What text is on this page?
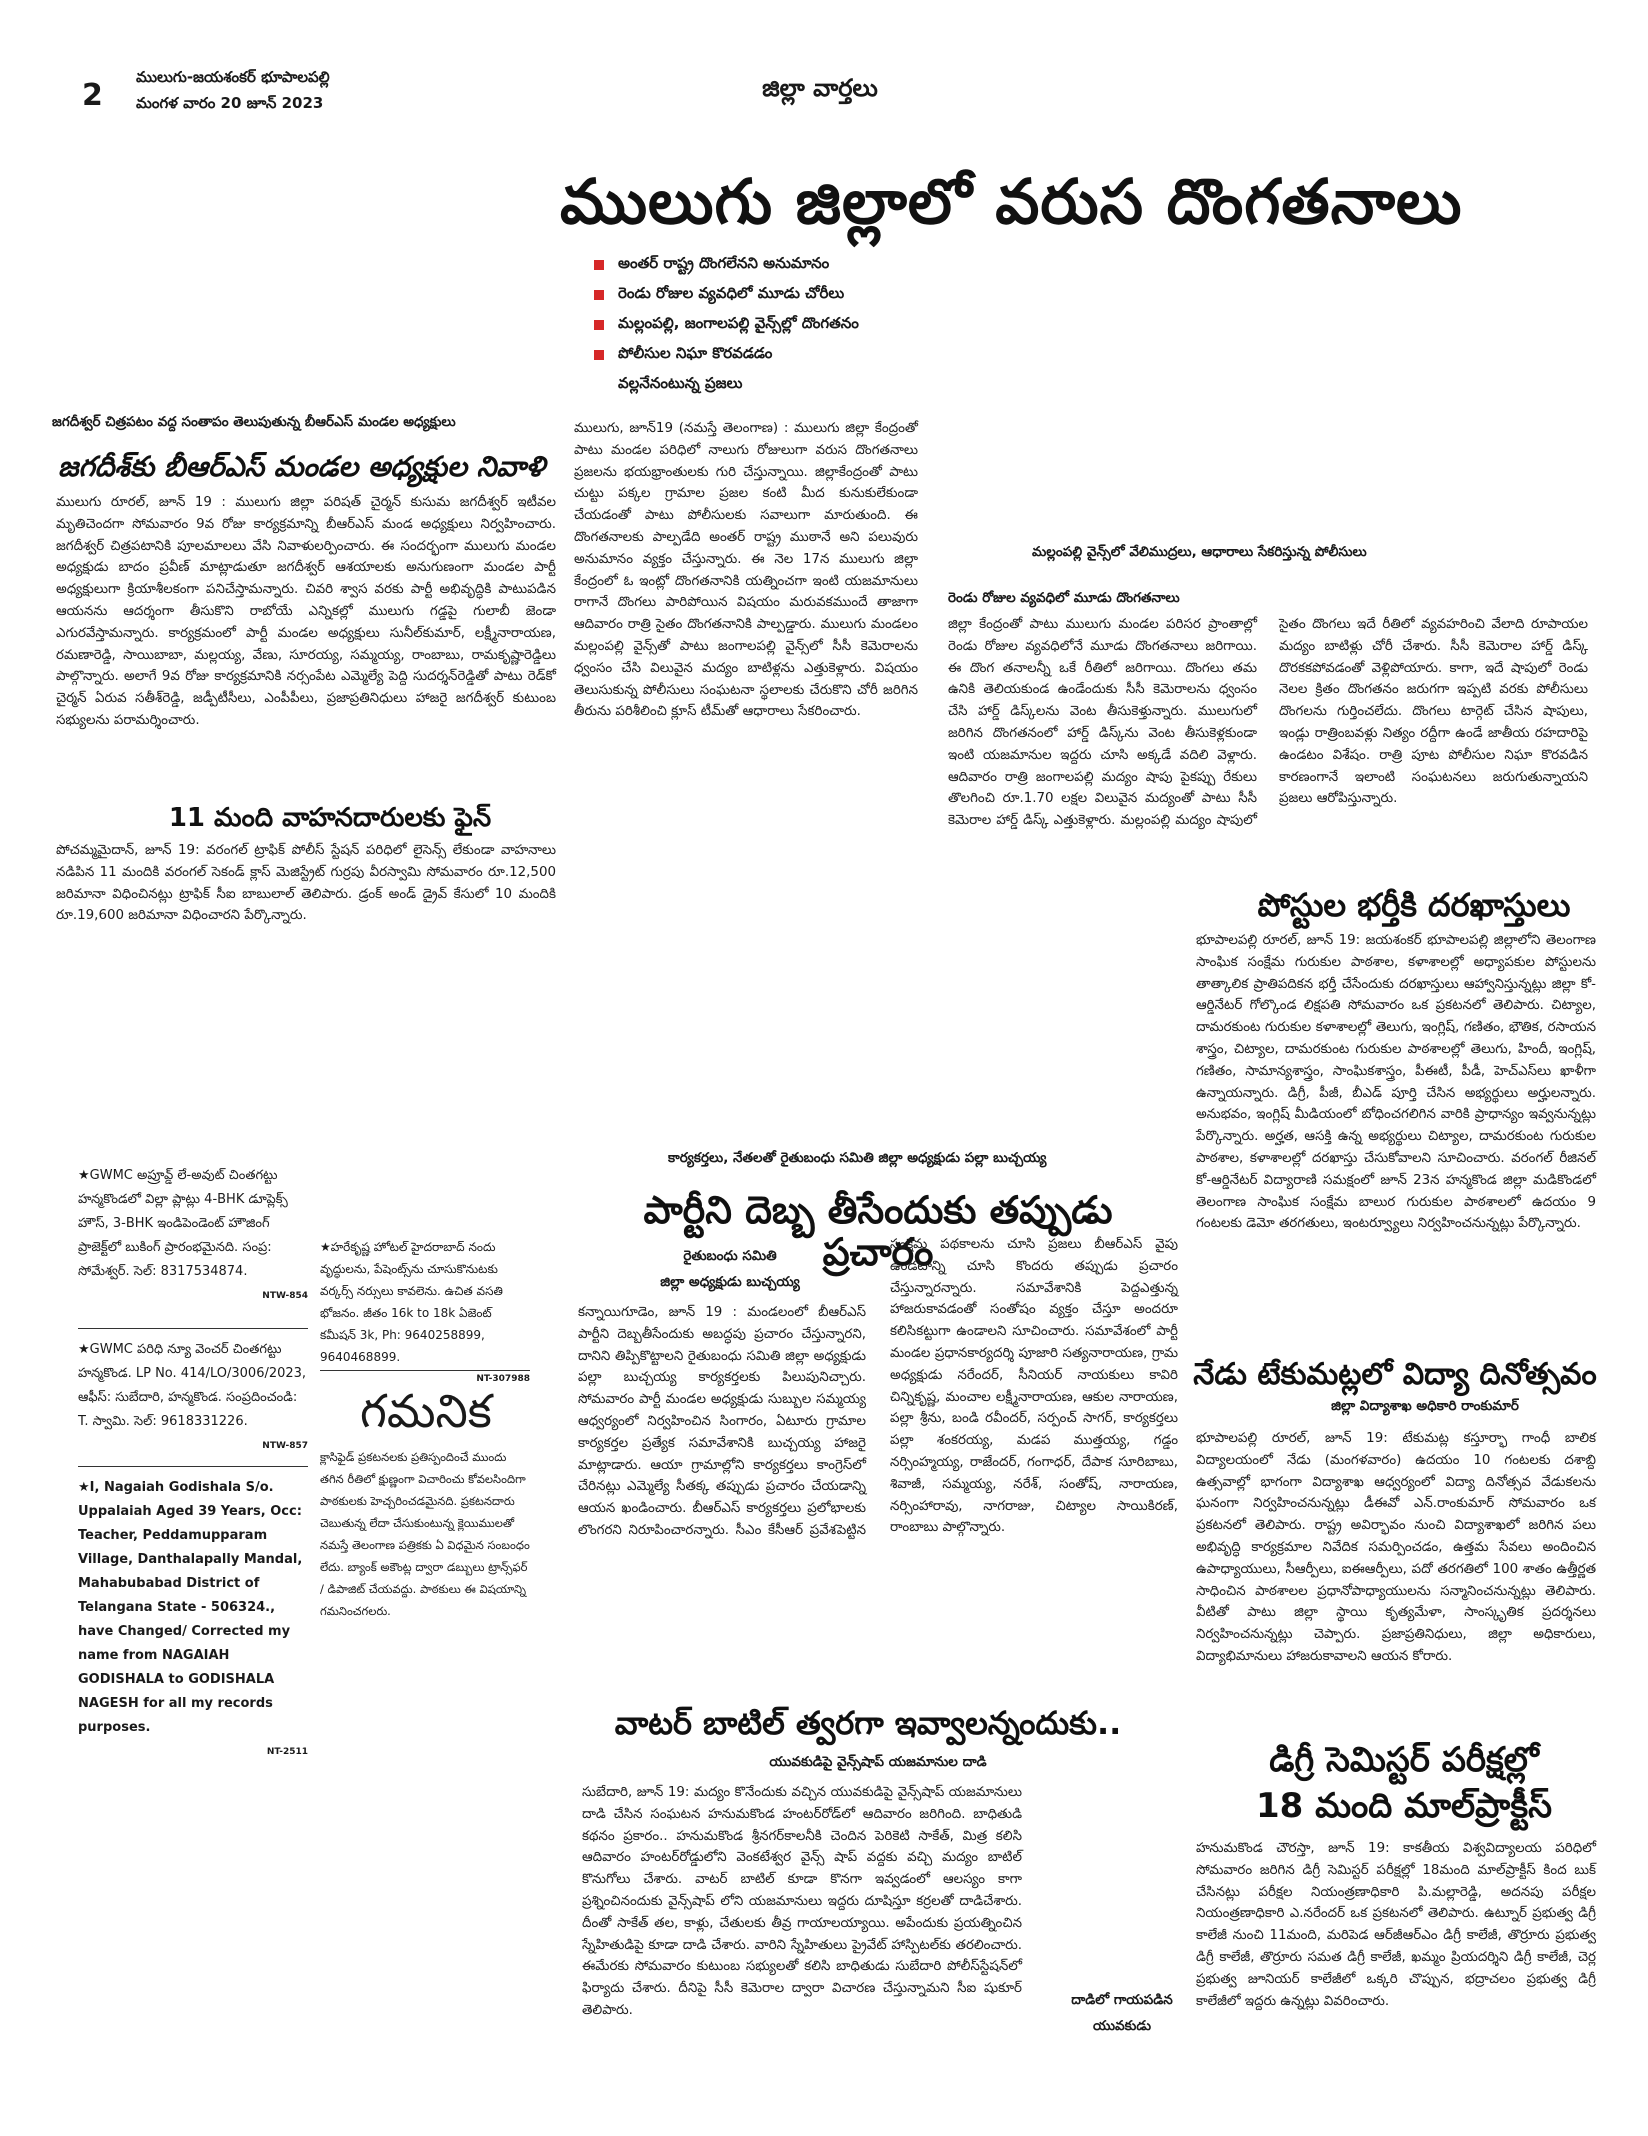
2
ములుగు-జయశంకర్ భూపాలపల్లి
మంగళ వారం 20 జూన్ 2023
జిల్లా వార్తలు
ములుగు జిల్లాలో వరుస దొంగతనాలు
అంతర్ రాష్ట్ర దొంగలేనని అనుమానం
రెండు రోజుల వ్యవధిలో మూడు చోరీలు
మల్లంపల్లి, జంగాలపల్లి వైన్స్‌ల్లో దొంగతనం
పోలీసుల నిఘా కొరవడడం
వల్లనేనంటున్న ప్రజలు
ములుగు, జూన్19 (నమస్తే తెలంగాణ) : ములుగు జిల్లా కేంద్రంతో పాటు మండల పరిధిలో నాలుగు రోజులుగా వరుస దొంగతనాలు ప్రజలను భయభ్రాంతులకు గురి చేస్తున్నాయి. జిల్లాకేంద్రంతో పాటు చుట్టు పక్కల గ్రామాల ప్రజల కంటి మీద కునుకులేకుండా చేయడంతో పాటు పోలీసులకు సవాలుగా మారుతుంది. ఈ దొంగతనాలకు పాల్పడేది అంతర్ రాష్ట్ర ముఠానే అని పలువురు అనుమానం వ్యక్తం చేస్తున్నారు. ఈ నెల 17న ములుగు జిల్లా కేంద్రంలో ఓ ఇంట్లో దొంగతనానికి యత్నించగా ఇంటి యజమానులు రాగానే దొంగలు పారిపోయిన విషయం మరువకముందే తాజాగా ఆదివారం రాత్రి సైతం దొంగతనానికి పాల్పడ్డారు. ములుగు మండలం మల్లంపల్లి వైన్స్‌తో పాటు జంగాలపల్లి వైన్స్‌లో సీసీ కెమెరాలను ధ్వంసం చేసి విలువైన మద్యం బాటిళ్లను ఎత్తుకెళ్లారు. విషయం తెలుసుకున్న పోలీసులు సంఘటనా స్థలాలకు చేరుకొని చోరీ జరిగిన తీరును పరిశీలించి క్లూస్ టీమ్‌తో ఆధారాలు సేకరించారు.
మల్లంపల్లి వైన్స్‌లో వేలిముద్రలు, ఆధారాలు సేకరిస్తున్న పోలీసులు
రెండు రోజుల వ్యవధిలో మూడు దొంగతనాలు
జిల్లా కేంద్రంతో పాటు ములుగు మండల పరిసర ప్రాంతాల్లో రెండు రోజుల వ్యవధిలోనే మూడు దొంగతనాలు జరిగాయి. ఈ దొంగ తనాలన్నీ ఒకే రీతిలో జరిగాయి. దొంగలు తమ ఉనికి తెలియకుండ ఉండేందుకు సీసీ కెమెరాలను ధ్వంసం చేసి హార్డ్ డిస్క్‌లను వెంట తీసుకెళ్తున్నారు. ములుగులో జరిగిన దొంగతనంలో హార్డ్ డిస్క్‌ను వెంట తీసుకెళ్లకుండా ఇంటి యజమానుల ఇద్దరు చూసి అక్కడే వదిలి వెళ్లారు. ఆదివారం రాత్రి జంగాలపల్లి మద్యం షాపు పైకప్పు రేకులు తొలగించి రూ.1.70 లక్షల విలువైన మద్యంతో పాటు సీసీ కెమెరాల హార్డ్ డిస్క్ ఎత్తుకెళ్లారు. మల్లంపల్లి మద్యం షాపులో సైతం దొంగలు ఇదే రీతిలో వ్యవహరించి వేలాది రూపాయల మద్యం బాటిళ్లు చోరీ చేశారు. సీసీ కెమెరాల హార్డ్ డిస్క్ దొరకకపోవడంతో వెళ్లిపోయారు. కాగా, ఇదే షాపులో రెండు నెలల క్రితం దొంగతనం జరుగగా ఇప్పటి వరకు పోలీసులు దొంగలను గుర్తించలేదు. దొంగలు టార్గెట్ చేసిన షాపులు, ఇండ్లు రాత్రింబవళ్లు నిత్యం రద్దీగా ఉండే జాతీయ రహదారిపై ఉండటం విశేషం. రాత్రి పూట పోలీసుల నిఘా కొరవడిన కారణంగానే ఇలాంటి సంఘటనలు జరుగుతున్నాయని ప్రజలు ఆరోపిస్తున్నారు.
జగదీశ్వర్ చిత్రపటం వద్ద సంతాపం తెలుపుతున్న బీఆర్ఎస్ మండల అధ్యక్షులు
జగదీశ్‌కు బీఆర్ఎస్ మండల అధ్యక్షుల నివాళి
ములుగు రూరల్, జూన్ 19 : ములుగు జిల్లా పరిషత్ చైర్మన్ కుసుమ జగదీశ్వర్ ఇటీవల మృతిచెందగా సోమవారం 9వ రోజు కార్యక్రమాన్ని బీఆర్ఎస్ మండ అధ్యక్షులు నిర్వహించారు. జగదీశ్వర్ చిత్రపటానికి పూలమాలలు వేసి నివాళులర్పించారు. ఈ సందర్భంగా ములుగు మండల అధ్యక్షుడు బాదం ప్రవీణ్ మాట్లాడుతూ జగదీశ్వర్ ఆశయాలకు అనుగుణంగా మండల పార్టీ అధ్యక్షులుగా క్రియాశీలకంగా పనిచేస్తామన్నారు. చివరి శ్వాస వరకు పార్టీ అభివృద్ధికి పాటుపడిన ఆయనను ఆదర్శంగా తీసుకొని రాబోయే ఎన్నికల్లో ములుగు గడ్డపై గులాబీ జెండా ఎగురవేస్తామన్నారు. కార్యక్రమంలో పార్టీ మండల అధ్యక్షులు సునీల్‌కుమార్, లక్ష్మీనారాయణ, రమణారెడ్డి, సాయిబాబా, మల్లయ్య, వేణు, సూరయ్య, సమ్మయ్య, రాంబాబు, రామకృష్ణారెడ్డిలు పాల్గొన్నారు. అలాగే 9వ రోజు కార్యక్రమానికి నర్సంపేట ఎమ్మెల్యే పెద్ది సుదర్శన్‌రెడ్డితో పాటు రెడ్‌కో చైర్మన్ ఏరువ సతీశ్‌రెడ్డి, జడ్పీటీసీలు, ఎంపీపీలు, ప్రజాప్రతినిధులు హాజరై జగదీశ్వర్ కుటుంబ సభ్యులను పరామర్శించారు.
11 మంది వాహనదారులకు ఫైన్
పోచమ్మమైదాన్, జూన్ 19: వరంగల్ ట్రాఫిక్ పోలీస్ స్టేషన్ పరిధిలో లైసెన్స్ లేకుండా వాహనాలు నడిపిన 11 మందికి వరంగల్ సెకండ్ క్లాస్ మెజిస్ట్రేట్ గుర్రపు వీరస్వామి సోమవారం రూ.12,500 జరిమానా విధించినట్లు ట్రాఫిక్ సీఐ బాబులాల్ తెలిపారు. డ్రంక్ అండ్ డ్రైవ్ కేసులో 10 మందికి రూ.19,600 జరిమానా విధించారని పేర్కొన్నారు.	పోస్టుల భర్తీకి దరఖాస్తులు
భూపాలపల్లి రూరల్, జూన్ 19: జయశంకర్ భూపాలపల్లి జిల్లాలోని తెలంగాణ సాంఘిక సంక్షేమ గురుకుల పాఠశాల, కళాశాలల్లో అధ్యాపకుల పోస్టులను తాత్కాలిక ప్రాతిపదికన భర్తీ చేసేందుకు దరఖాస్తులు ఆహ్వానిస్తున్నట్లు జిల్లా కో-ఆర్డినేటర్ గోల్కొండ లిక్షపతి సోమవారం ఒక ప్రకటనలో తెలిపారు. చిట్యాల, దామరకుంట గురుకుల కళాశాలల్లో తెలుగు, ఇంగ్లిష్, గణితం, భౌతిక, రసాయన శాస్త్రం, చిట్యాల, దామరకుంట గురుకుల పాఠశాలల్లో తెలుగు, హిందీ, ఇంగ్లిష్, గణితం, సామాన్యశాస్త్రం, సాంఘికశాస్త్రం, పీఈటీ, పీడీ, హెచ్ఎస్‌లు ఖాళీగా ఉన్నాయన్నారు. డిగ్రీ, పీజీ, బీఎడ్ పూర్తి చేసిన అభ్యర్థులు అర్హులన్నారు. అనుభవం, ఇంగ్లిష్ మీడియంలో బోధించగలిగిన వారికి ప్రాధాన్యం ఇవ్వనున్నట్లు పేర్కొన్నారు. అర్హత, ఆసక్తి ఉన్న అభ్యర్థులు చిట్యాల, దామరకుంట గురుకుల పాఠశాల, కళాశాలల్లో దరఖాస్తు చేసుకోవాలని సూచించారు. వరంగల్ రీజినల్ కో-ఆర్డినేటర్ విద్యారాణి సమక్షంలో జూన్ 23న హన్మకొండ జిల్లా మడికొండలో తెలంగాణ సాంఘిక సంక్షేమ బాలుర గురుకుల పాఠశాలలో ఉదయం 9 గంటలకు డెమో తరగతులు, ఇంటర్వ్యూలు నిర్వహించనున్నట్లు పేర్కొన్నారు.
నేడు టేకుమట్లలో విద్యా దినోత్సవం
జిల్లా విద్యాశాఖ అధికారి రాంకుమార్
భూపాలపల్లి రూరల్, జూన్ 19: టేకుమట్ల కస్తూర్భా గాంధీ బాలిక విద్యాలయంలో నేడు (మంగళవారం) ఉదయం 10 గంటలకు దశాబ్ది ఉత్సవాల్లో భాగంగా విద్యాశాఖ ఆధ్వర్యంలో విద్యా దినోత్సవ వేడుకలను ఘనంగా నిర్వహించనున్నట్లు డీఈవో ఎన్.రాంకుమార్ సోమవారం ఒక ప్రకటనలో తెలిపారు. రాష్ట్ర అవిర్భావం నుంచి విద్యాశాఖలో జరిగిన పలు అభివృద్ధి కార్యక్రమాల నివేదిక సమర్పించడం, ఉత్తమ సేవలు అందించిన ఉపాధ్యాయులు, సీఆర్పీలు, ఐఈఆర్పీలు, పదో తరగతిలో 100 శాతం ఉత్తీర్ణత సాధించిన పాఠశాలల ప్రధానోపాధ్యాయులను సన్మానించనున్నట్లు తెలిపారు. వీటితో పాటు జిల్లా స్థాయి కృత్యమేళా, సాంస్కృతిక ప్రదర్శనలు నిర్వహించనున్నట్లు చెప్పారు. ప్రజాప్రతినిధులు, జిల్లా అధికారులు, విద్యాభిమానులు హాజరుకావాలని ఆయన కోరారు.
డిగ్రీ సెమిస్టర్ పరీక్షల్లో
18 మంది మాల్‌ప్రాక్టీస్
హనుమకొండ చౌరస్తా, జూన్ 19: కాకతీయ విశ్వవిద్యాలయ పరిధిలో సోమవారం జరిగిన డిగ్రీ సెమిస్టర్ పరీక్షల్లో 18మంది మాల్‌ప్రాక్టీస్ కింద బుక్ చేసినట్లు పరీక్షల నియంత్రణాధికారి పి.మల్లారెడ్డి, అదనపు పరీక్షల నియంత్రణాధికారి ఎ.నరేందర్ ఒక ప్రకటనలో తెలిపారు. ఉట్నూర్ ప్రభుత్వ డిగ్రీ కాలేజీ నుంచి 11మంది, మరిపెడ ఆర్‌జీఆర్ఎం డిగ్రీ కాలేజీ, తొర్రూరు ప్రభుత్వ డిగ్రీ కాలేజీ, తొర్రూరు సమత డిగ్రీ కాలేజీ, ఖమ్మం ప్రియదర్శిని డిగ్రీ కాలేజీ, చెర్ల ప్రభుత్వ జూనియర్ కాలేజీలో ఒక్కరి చొప్పున, భద్రాచలం ప్రభుత్వ డిగ్రీ కాలేజీలో ఇద్దరు ఉన్నట్లు వివరించారు.
కార్యకర్తలు, నేతలతో రైతుబంధు సమితి జిల్లా అధ్యక్షుడు పల్లా బుచ్చయ్య
పార్టీని దెబ్బ తీసేందుకు తప్పుడు ప్రచారం
రైతుబంధు సమితి
జిల్లా అధ్యక్షుడు బుచ్చయ్య
కన్నాయిగూడెం, జూన్ 19 : మండలంలో బీఆర్ఎస్ పార్టీని దెబ్బతీసేందుకు అబద్ధపు ప్రచారం చేస్తున్నారని, దానిని తిప్పికొట్టాలని రైతుబంధు సమితి జిల్లా అధ్యక్షుడు పల్లా బుచ్చయ్య కార్యకర్తలకు పిలుపునిచ్చారు. సోమవారం పార్టీ మండల అధ్యక్షుడు సుబ్బుల సమ్మయ్య ఆధ్వర్యంలో నిర్వహించిన సింగారం, ఏటూరు గ్రామాల కార్యకర్తల ప్రత్యేక సమావేశానికి బుచ్చయ్య హాజరై మాట్లాడారు. ఆయా గ్రామాల్లోని కార్యకర్తలు కాంగ్రెస్‌లో చేరినట్లు ఎమ్మెల్యే సీతక్క తప్పుడు ప్రచారం చేయడాన్ని ఆయన ఖండించారు. బీఆర్ఎస్ కార్యకర్తలు ప్రలోభాలకు లొంగరని నిరూపించారన్నారు. సీఎం కేసీఆర్ ప్రవేశపెట్టిన సంక్షేమ పథకాలను చూసి ప్రజలు బీఆర్ఎస్ వైపు ఉండటాన్ని చూసి కొందరు తప్పుడు ప్రచారం చేస్తున్నారన్నారు. సమావేశానికి పెద్దఎత్తున్న హాజరుకావడంతో సంతోషం వ్యక్తం చేస్తూ అందరూ కలిసికట్టుగా ఉండాలని సూచించారు. సమావేశంలో పార్టీ మండల ప్రధానకార్యదర్శి పూజారి సత్యనారాయణ, గ్రామ అధ్యక్షుడు నరేందర్, సీనియర్ నాయకులు కావిరి చిన్నికృష్ణ, మంచాల లక్ష్మీనారాయణ, ఆకుల నారాయణ, పల్లా శ్రీను, బండి రవీందర్, సర్పంచ్ సాగర్, కార్యకర్తలు పల్లా శంకరయ్య, మడప ముత్తయ్య, గడ్డం నర్సింహ్మయ్య, రాజేందర్, గంగాధర్, దేపాక సూరిబాబు, శివాజీ, సమ్మయ్య, నరేశ్, సంతోష్, నారాయణ, నర్సింహారావు, నాగరాజు, చిట్యాల సాయికిరణ్, రాంబాబు పాల్గొన్నారు.
వాటర్ బాటిల్ త్వరగా ఇవ్వాలన్నందుకు..
యువకుడిపై వైన్స్‌షాప్ యజమానుల దాడి
సుబేదారి, జూన్ 19: మద్యం కొనేందుకు వచ్చిన యువకుడిపై వైన్స్‌షాప్ యజమానులు దాడి చేసిన సంఘటన హనుమకొండ హంటర్‌రోడ్‌లో ఆదివారం జరిగింది. బాధితుడి కథనం ప్రకారం.. హనుమకొండ శ్రీనగర్‌కాలనీకి చెందిన పెరికెటి సాకేత్, మిత్ర కలిసి ఆదివారం హంటర్‌రోడ్డులోని వెంకటేశ్వర వైన్స్ షాప్ వద్దకు వచ్చి మద్యం బాటిల్ కొనుగోలు చేశారు. వాటర్ బాటిల్ కూడా కొనగా ఇవ్వడంలో ఆలస్యం కాగా ప్రశ్నించినందుకు వైన్స్‌షాప్ లోని యజమానులు ఇద్దరు దూషిస్తూ కర్రలతో దాడిచేశారు. దీంతో సాకేత్ తల, కాళ్లు, చేతులకు తీవ్ర గాయాలయ్యాయి. అపేందుకు ప్రయత్నించిన స్నేహితుడిపై కూడా దాడి చేశారు. వారిని స్నేహితులు ప్రైవేట్ హాస్పిటల్‌కు తరలించారు. ఈమేరకు సోమవారం కుటుంబ సభ్యులతో కలిసి బాధితుడు సుబేదారి పోలీస్‌స్టేషన్‌లో ఫిర్యాదు చేశారు. దీనిపై సీసీ కెమెరాల ద్వారా విచారణ చేస్తున్నామని సీఐ షుకూర్ తెలిపారు.
దాడిలో గాయపడిన
యువకుడు
★GWMC అప్రూవ్డ్ లే-అవుట్ చింతగట్టు హన్మకొండలో విల్లా ప్లాట్లు 4-BHK డూప్లెక్స్ హౌస్, 3-BHK ఇండిపెండెంట్ హౌజింగ్ ప్రాజెక్ట్‌లో బుకింగ్ ప్రారంభమైనది. సంప్ర: సోమేశ్వర్. సెల్: 8317534874.
NTW-854
★GWMC పరిధి న్యూ వెంచర్ చింతగట్టు హన్మకొండ. LP No. 414/LO/3006/2023, ఆఫీస్: సుబేదారి, హన్మకొండ. సంప్రదించండి: T. స్వామి. సెల్: 9618331226.
NTW-857
★I, Nagaiah Godishala S/o. Uppalaiah Aged 39 Years, Occ: Teacher, Peddamupparam Village, Danthalapally Mandal, Mahabubabad District of Telangana State - 506324., have Changed/ Corrected my name from NAGAIAH GODISHALA to GODISHALA NAGESH for all my records purposes.
NT-2511
★హరేకృష్ణ హోటల్ హైదరాబాద్ నందు వృద్ధులను, పేషెంట్స్‌ను చూసుకొనుటకు వర్కర్స్ నర్సులు కావలెను. ఉచిత వసతి భోజనం. జీతం 16k to 18k ఏజెంట్ కమీషన్ 3k, Ph: 9640258899, 9640468899.
NT-307988
గమనిక
క్లాసిఫైడ్ ప్రకటనలకు ప్రతిస్పందించే ముందు తగిన రీతిలో క్షుణ్ణంగా విచారించు కోవలసిందిగా పాఠకులకు హెచ్చరించడమైనది. ప్రకటనదారు చెబుతున్న లేదా చేసుకుంటున్న క్లెయిములతో నమస్తే తెలంగాణ పత్రికకు ఏ విధమైన సంబంధం లేదు. బ్యాంక్ అకౌంట్ల ద్వారా డబ్బులు ట్రాన్స్‌ఫర్ / డిపాజిట్ చేయవద్దు. పాఠకులు ఈ విషయాన్ని గమనించగలరు.
